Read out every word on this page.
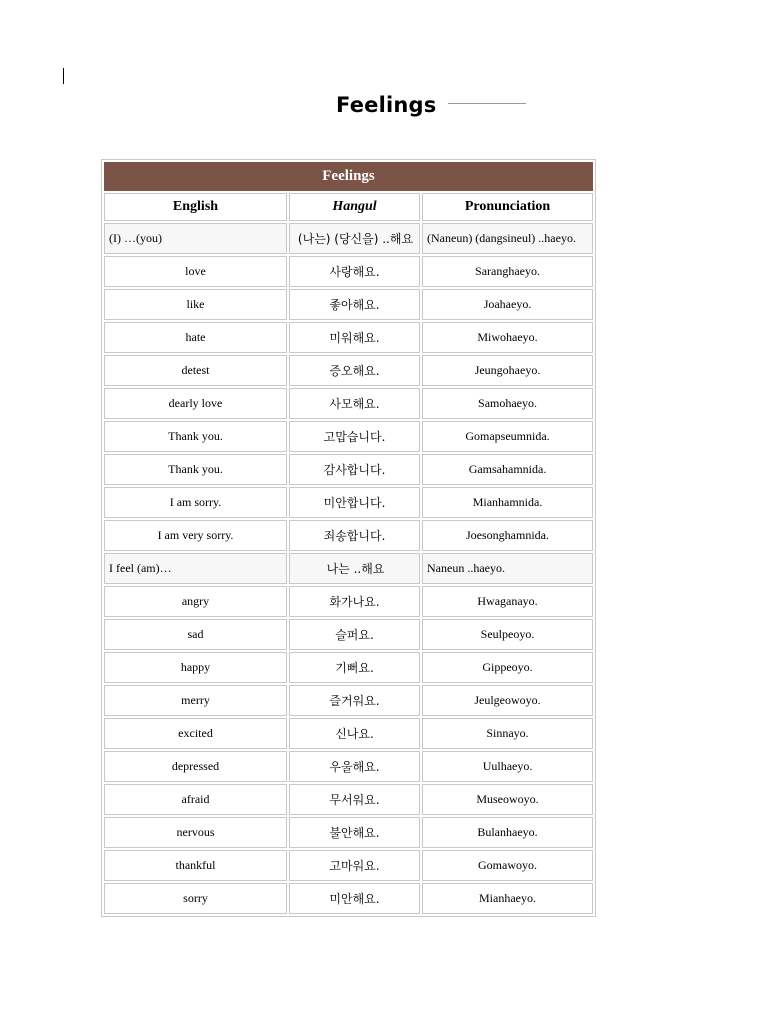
Feelings
Feelings		
English	Hangul	Pronunciation
(I) …(you)	(나는) (당신을) ..해요	(Naneun) (dangsineul) ..haeyo.
love	사랑해요.	Saranghaeyo.
like	좋아해요.	Joahaeyo.
hate	미워해요.	Miwohaeyo.
detest	증오해요.	Jeungohaeyo.
dearly love	사모해요.	Samohaeyo.
Thank you.	고맙습니다.	Gomapseumnida.
Thank you.	감사합니다.	Gamsahamnida.
I am sorry.	미안합니다.	Mianhamnida.
I am very sorry.	죄송합니다.	Joesonghamnida.
I feel (am)…	나는 ..해요	Naneun ..haeyo.
angry	화가나요.	Hwaganayo.
sad	슬퍼요.	Seulpeoyo.
happy	기뻐요.	Gippeoyo.
merry	즐거워요.	Jeulgeowoyo.
excited	신나요.	Sinnayo.
depressed	우울해요.	Uulhaeyo.
afraid	무서워요.	Museowoyo.
nervous	불안해요.	Bulanhaeyo.
thankful	고마워요.	Gomawoyo.
sorry	미안해요.	Mianhaeyo.
